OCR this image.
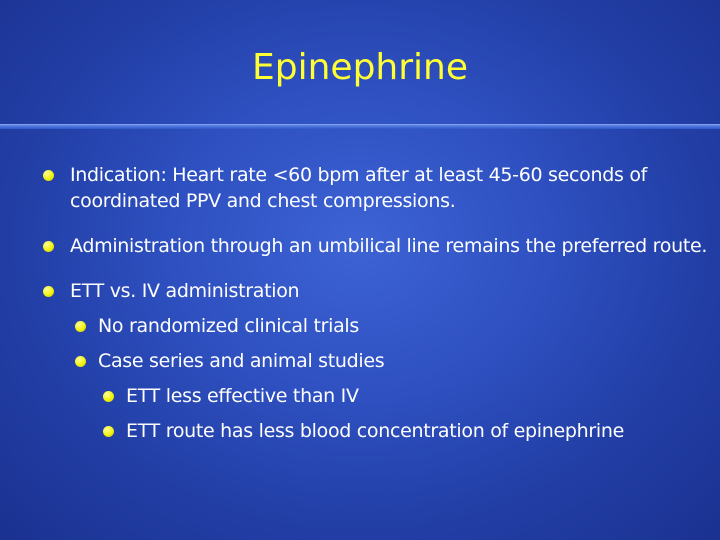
Epinephrine
Indication: Heart rate <60 bpm after at least 45-60 seconds of coordinated PPV and chest compressions.
Administration through an umbilical line remains the preferred route.
ETT vs. IV administration
No randomized clinical trials
Case series and animal studies
ETT less effective than IV
ETT route has less blood concentration of epinephrine
